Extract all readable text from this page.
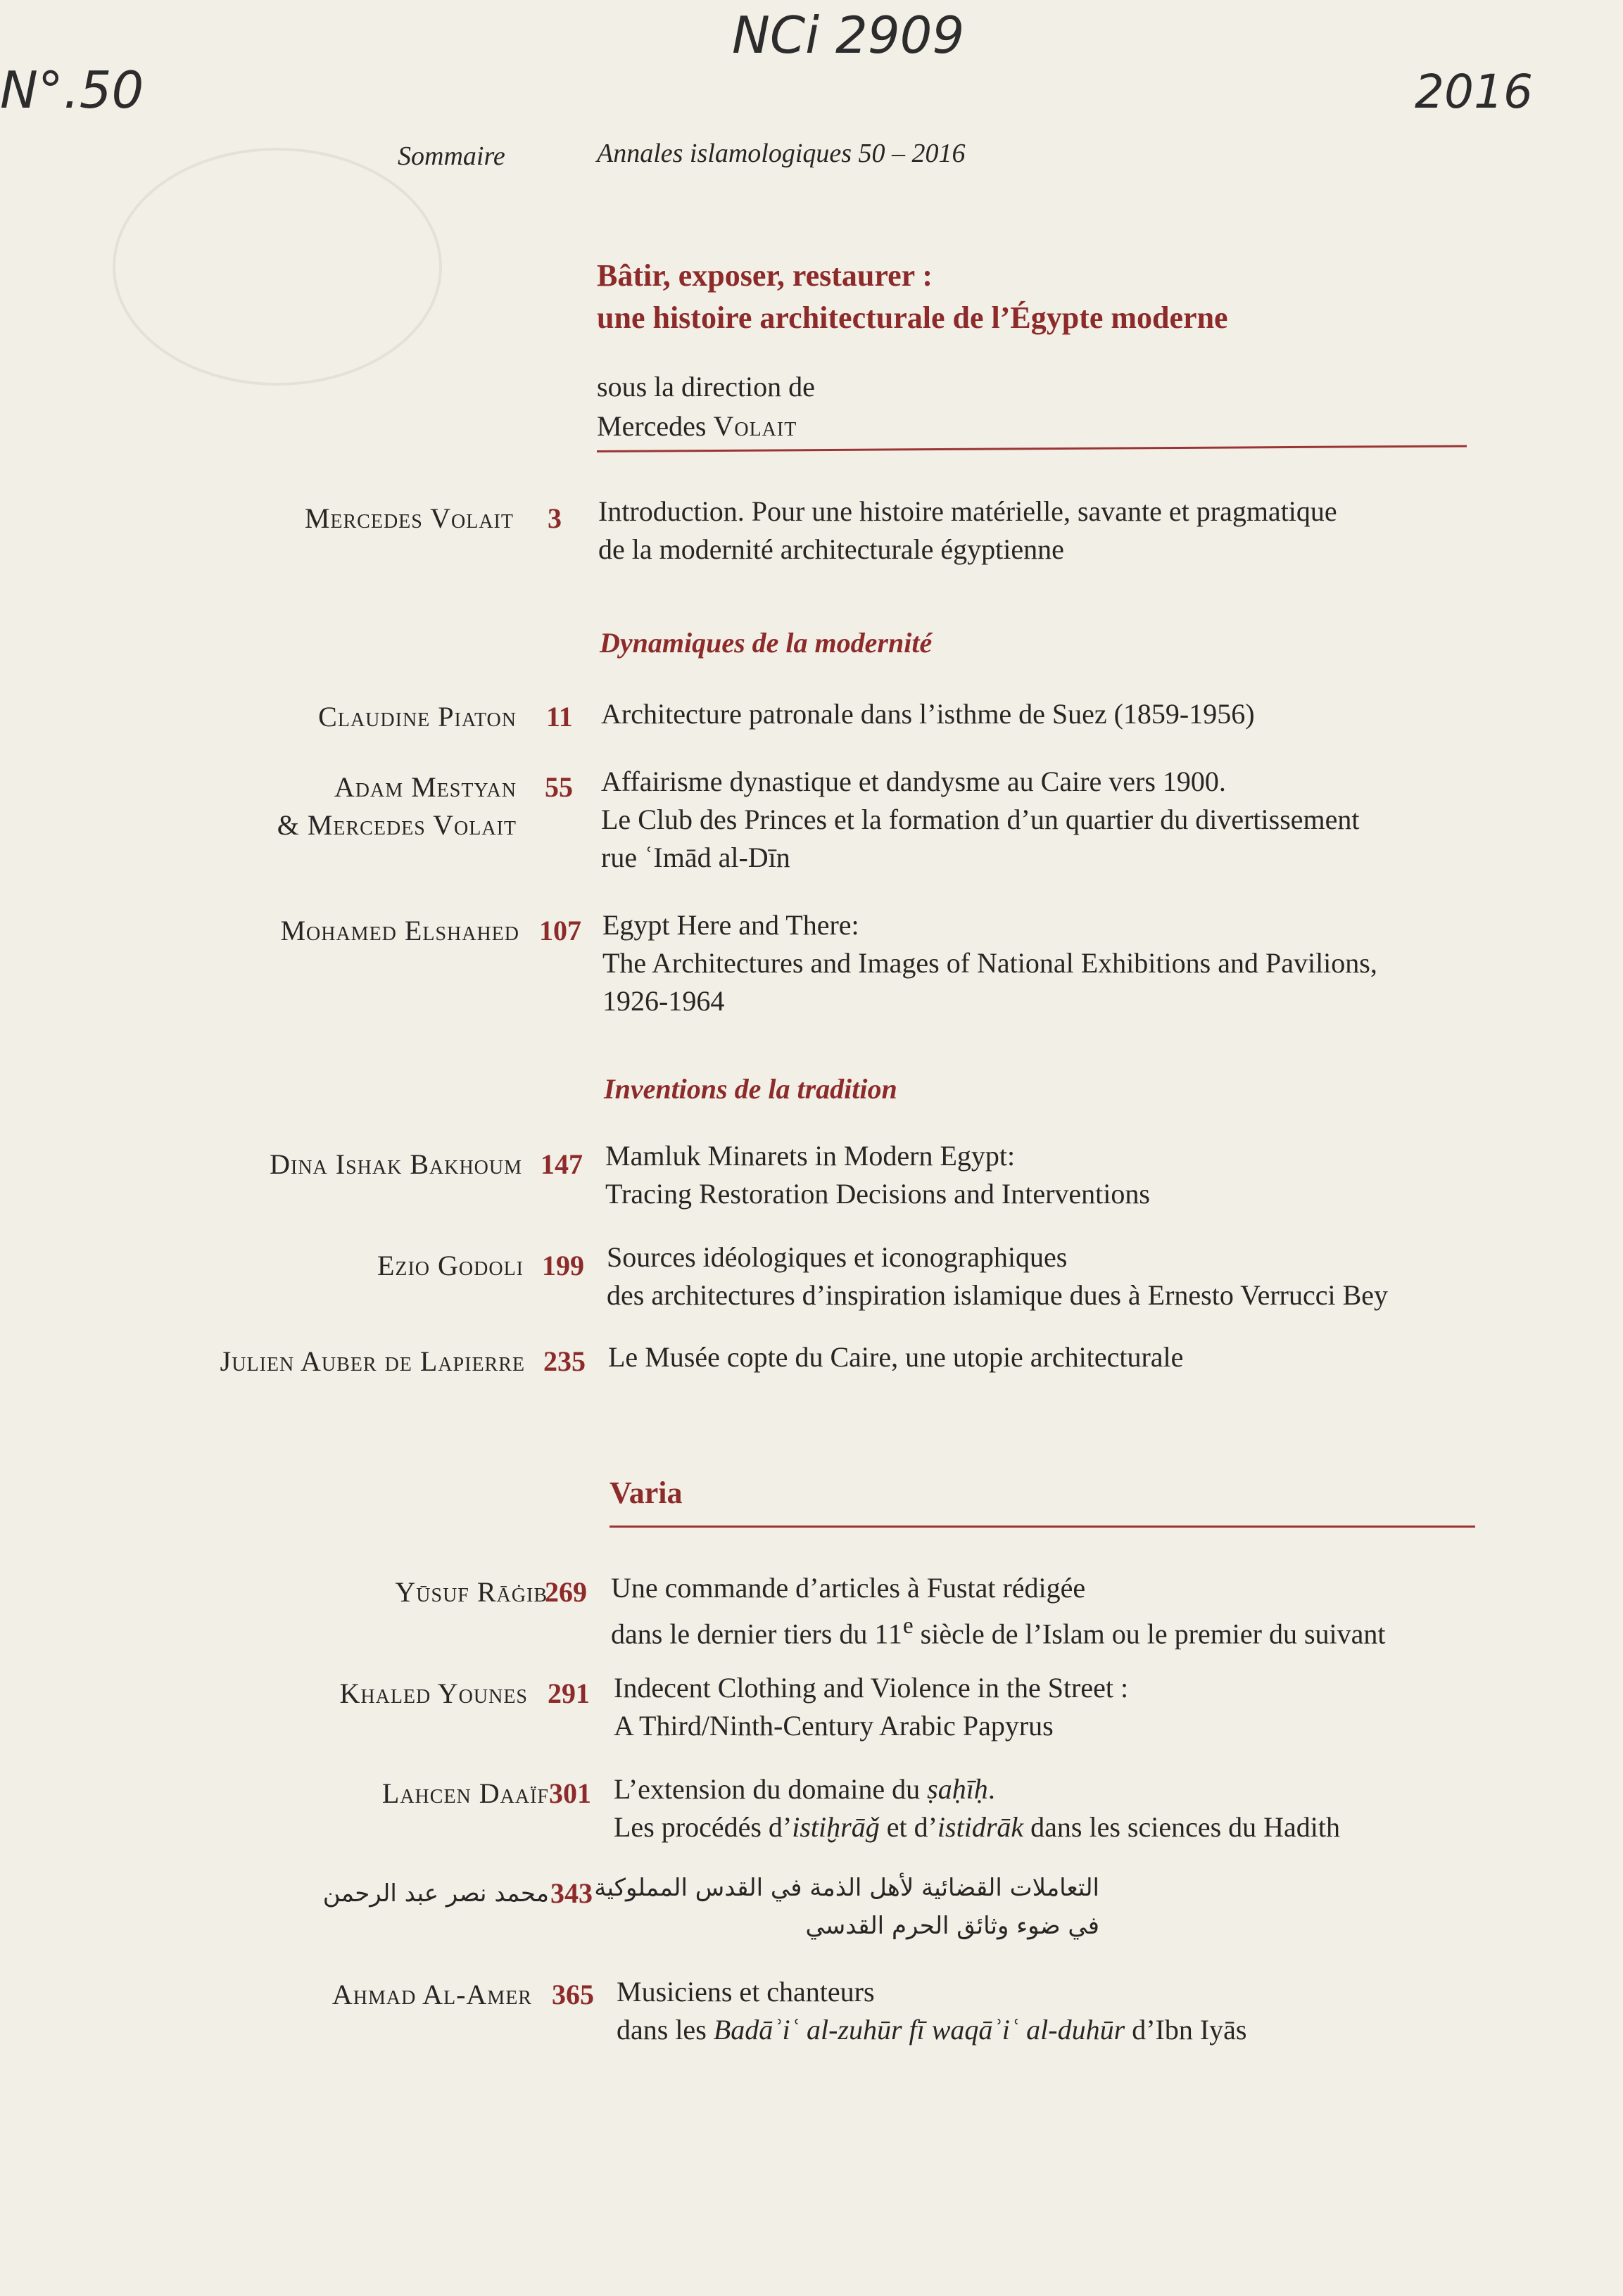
NCi 2909
N°.50	2016
Sommaire	Annales islamologiques 50 – 2016
Bâtir, exposer, restaurer :
une histoire architecturale de l’Égypte moderne
sous la direction de
Mercedes Volait
Mercedes Volait 3 Introduction. Pour une histoire matérielle, savante et pragmatique
de la modernité architecturale égyptienne
Dynamiques de la modernité
Claudine Piaton 11 Architecture patronale dans l’isthme de Suez (1859-1956)
Adam Mestyan
& Mercedes Volait
55 Affairisme dynastique et dandysme au Caire vers 1900.
Le Club des Princes et la formation d’un quartier du divertissement
rue ʿImād al-Dīn
Mohamed Elshahed 107 Egypt Here and There:
The Architectures and Images of National Exhibitions and Pavilions,
1926-1964
Inventions de la tradition
Dina Ishak Bakhoum 147 Mamluk Minarets in Modern Egypt:
Tracing Restoration Decisions and Interventions
Ezio Godoli 199 Sources idéologiques et iconographiques
des architectures d’inspiration islamique dues à Ernesto Verrucci Bey
Julien Auber de Lapierre 235 Le Musée copte du Caire, une utopie architecturale
Varia
Yūsuf Rāġib
269 Une commande d’articles à Fustat rédigée
dans le dernier tiers du 11e siècle de l’Islam ou le premier du suivant
Khaled Younes 291 Indecent Clothing and Violence in the Street :
A Third/Ninth-Century Arabic Papyrus
Lahcen Daaïf 301 L’extension du domaine du ṣaḥīḥ.
Les procédés d’istiḫrāǧ et d’istidrāk dans les sciences du Hadith
محمد نصر عبد الرحمن 343 التعاملات القضائية لأهل الذمة في القدس المملوكية
في ضوء وثائق الحرم القدسي
Ahmad Al-Amer 365 Musiciens et chanteurs
dans les Badāʾiʿ al-zuhūr fī waqāʾiʿ al-duhūr d’Ibn Iyās
